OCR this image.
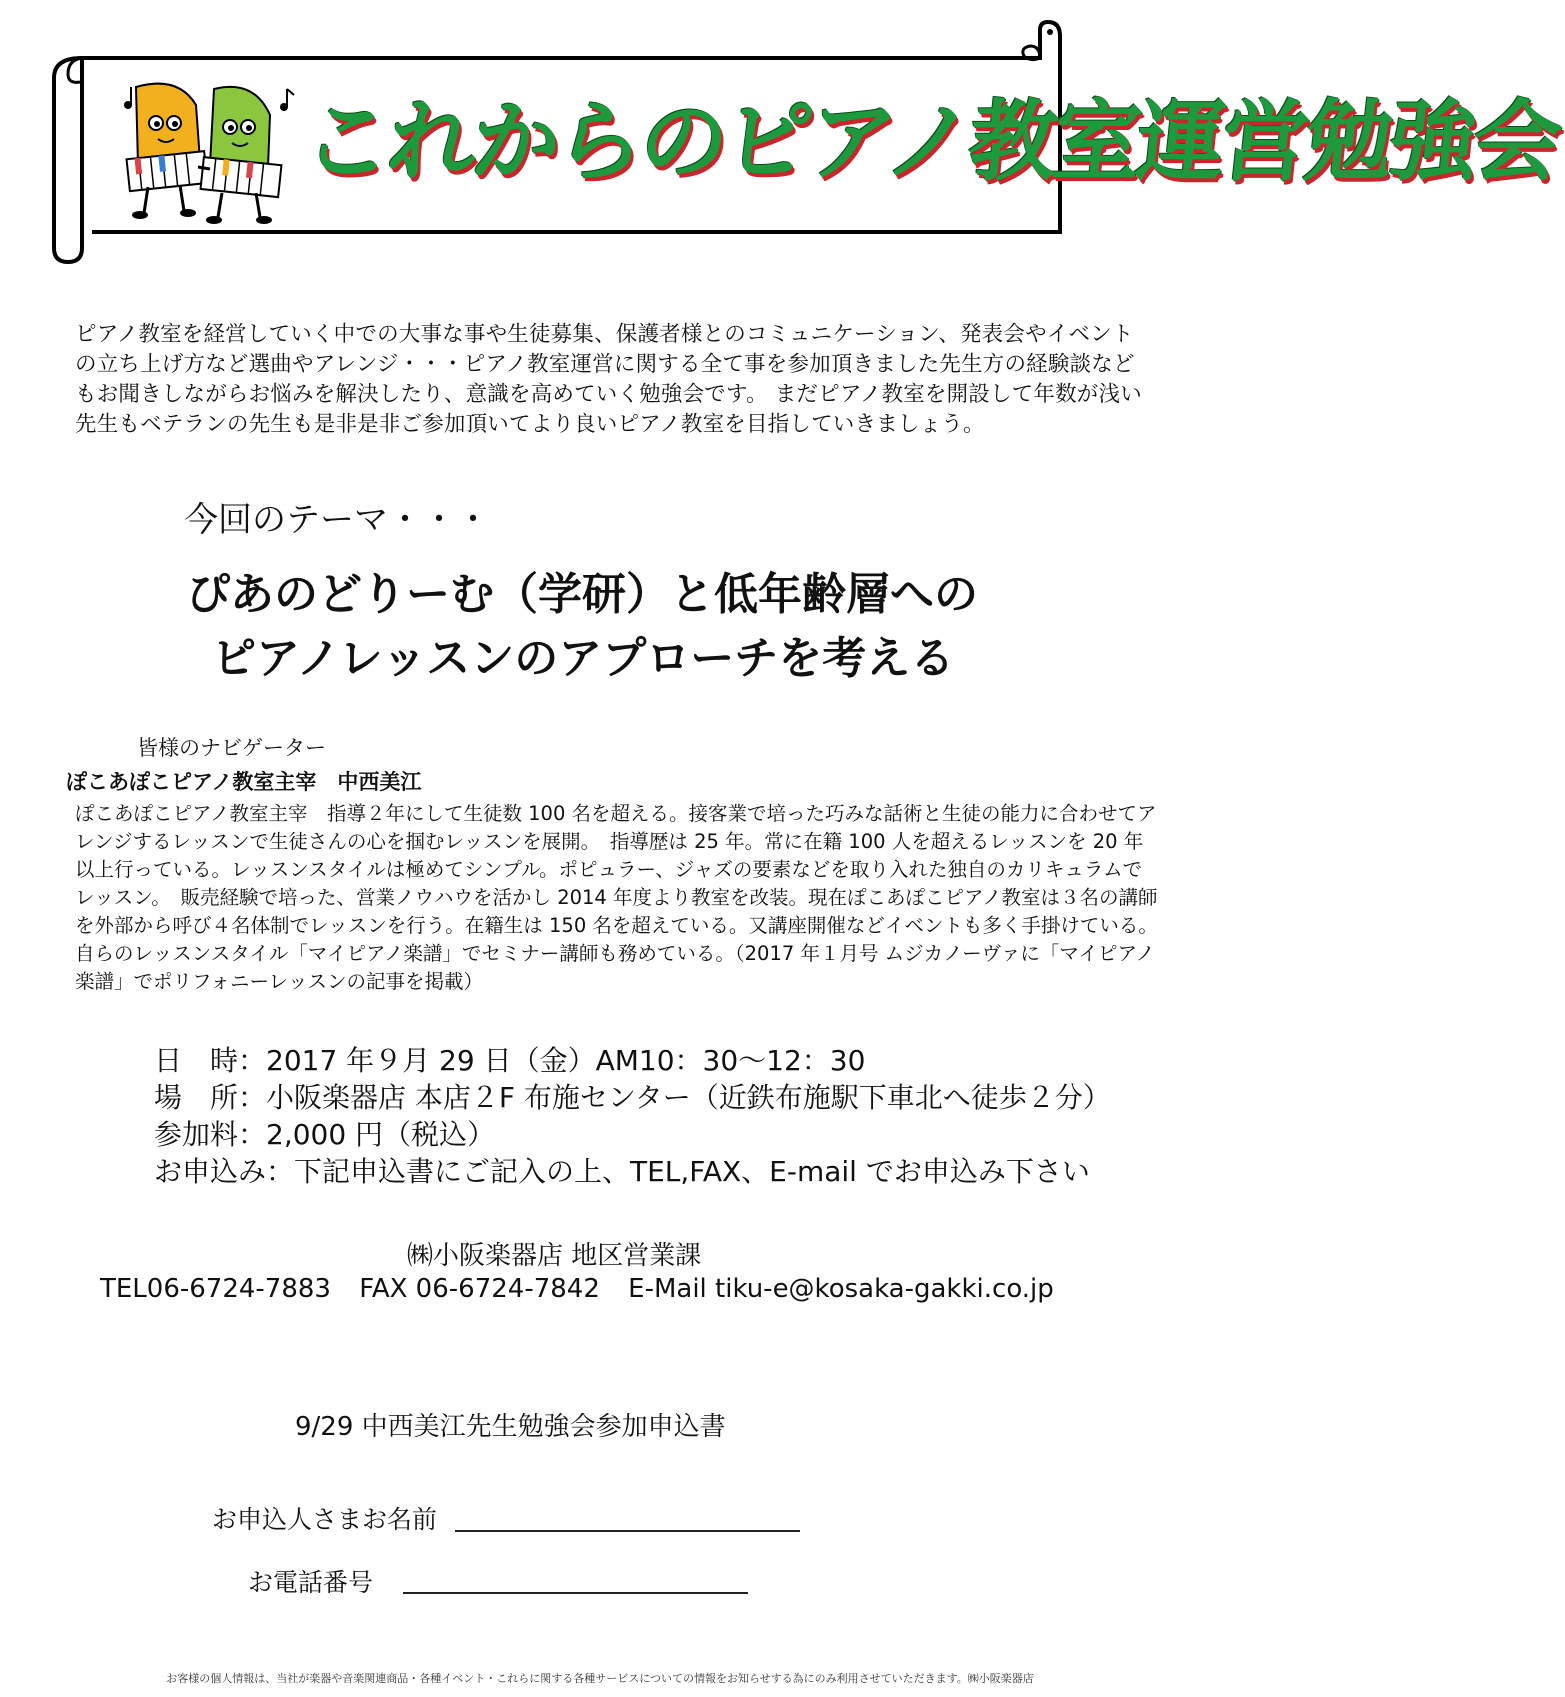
これからのピアノ教室運営勉強会
ピアノ教室を経営していく中での大事な事や生徒募集、保護者様とのコミュニケーション、発表会やイベントの立ち上げ方など選曲やアレンジ・・・ピアノ教室運営に関する全て事を参加頂きました先生方の経験談などもお聞きしながらお悩みを解決したり、意識を高めていく勉強会です。 まだピアノ教室を開設して年数が浅い先生もベテランの先生も是非是非ご参加頂いてより良いピアノ教室を目指していきましょう。
今回のテーマ・・・
ぴあのどりーむ（学研）と低年齢層への
ピアノレッスンのアプローチを考える
皆様のナビゲーター
ぽこあぽこピアノ教室主宰　中西美江
ぽこあぽこピアノ教室主宰　指導２年にして生徒数 100 名を超える。接客業で培った巧みな話術と生徒の能力に合わせてアレンジするレッスンで生徒さんの心を掴むレッスンを展開。　指導歴は 25 年。常に在籍 100 人を超えるレッスンを 20 年以上行っている。レッスンスタイルは極めてシンプル。ポピュラー、ジャズの要素などを取り入れた独自のカリキュラムでレッスン。　販売経験で培った、営業ノウハウを活かし 2014 年度より教室を改装。現在ぽこあぽこピアノ教室は３名の講師を外部から呼び４名体制でレッスンを行う。在籍生は 150 名を超えている。又講座開催などイベントも多く手掛けている。 自らのレッスンスタイル「マイピアノ楽譜」でセミナー講師も務めている。（2017 年１月号 ムジカノーヴァに「マイピアノ楽譜」でポリフォニーレッスンの記事を掲載）
日　時：2017 年９月 29 日（金）AM10：30～12：30
場　所：小阪楽器店 本店２F 布施センター（近鉄布施駅下車北へ徒歩２分）
参加料：2,000 円（税込）
お申込み：下記申込書にご記入の上、TEL,FAX、E-mail でお申込み下さい
㈱小阪楽器店 地区営業課
TEL06-6724-7883 FAX 06-6724-7842 E-Mail tiku-e@kosaka-gakki.co.jp
9/29 中西美江先生勉強会参加申込書
お申込人さまお名前
お電話番号
お客様の個人情報は、当社が楽器や音楽関連商品・各種イベント・これらに関する各種サービスについての情報をお知らせする為にのみ利用させていただきます。㈱小阪楽器店
